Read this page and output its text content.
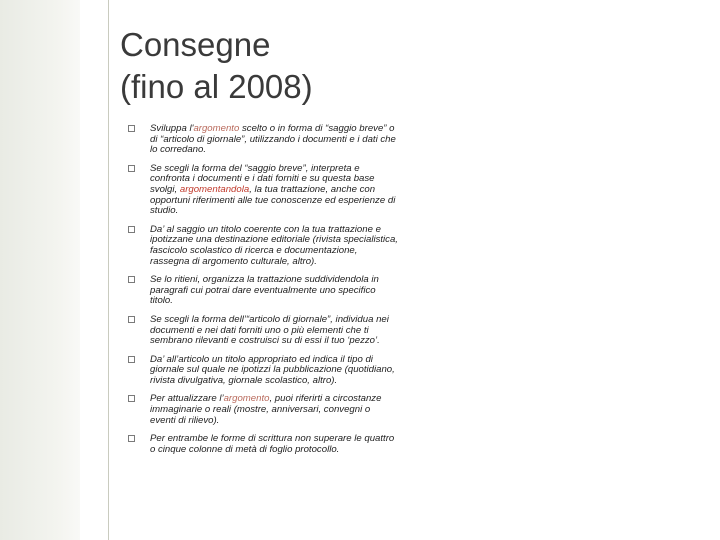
Consegne
(fino al 2008)
Sviluppa l'argomento scelto o in forma di “saggio breve” o di “articolo di giornale”, utilizzando i documenti e i dati che lo corredano.
Se scegli la forma del “saggio breve”, interpreta e confronta i documenti e i dati forniti e su questa base svolgi, argomentandola, la tua trattazione, anche con opportuni riferimenti alle tue conoscenze ed esperienze di studio.
Da’ al saggio un titolo coerente con la tua trattazione e ipotizzane una destinazione editoriale (rivista specialistica, fascicolo scolastico di ricerca e documentazione, rassegna di argomento culturale, altro).
Se lo ritieni, organizza la trattazione suddividendola in paragrafi cui potrai dare eventualmente uno specifico titolo.
Se scegli la forma dell’“articolo di giornale”, individua nei documenti e nei dati forniti uno o più elementi che ti sembrano rilevanti e costruisci su di essi il tuo ‘pezzo’.
Da’ all’articolo un titolo appropriato ed indica il tipo di giornale sul quale ne ipotizzi la pubblicazione (quotidiano, rivista divulgativa, giornale scolastico, altro).
Per attualizzare l’argomento, puoi riferirti a circostanze immaginarie o reali (mostre, anniversari, convegni o eventi di rilievo).
Per entrambe le forme di scrittura non superare le quattro o cinque colonne di metà di foglio protocollo.
